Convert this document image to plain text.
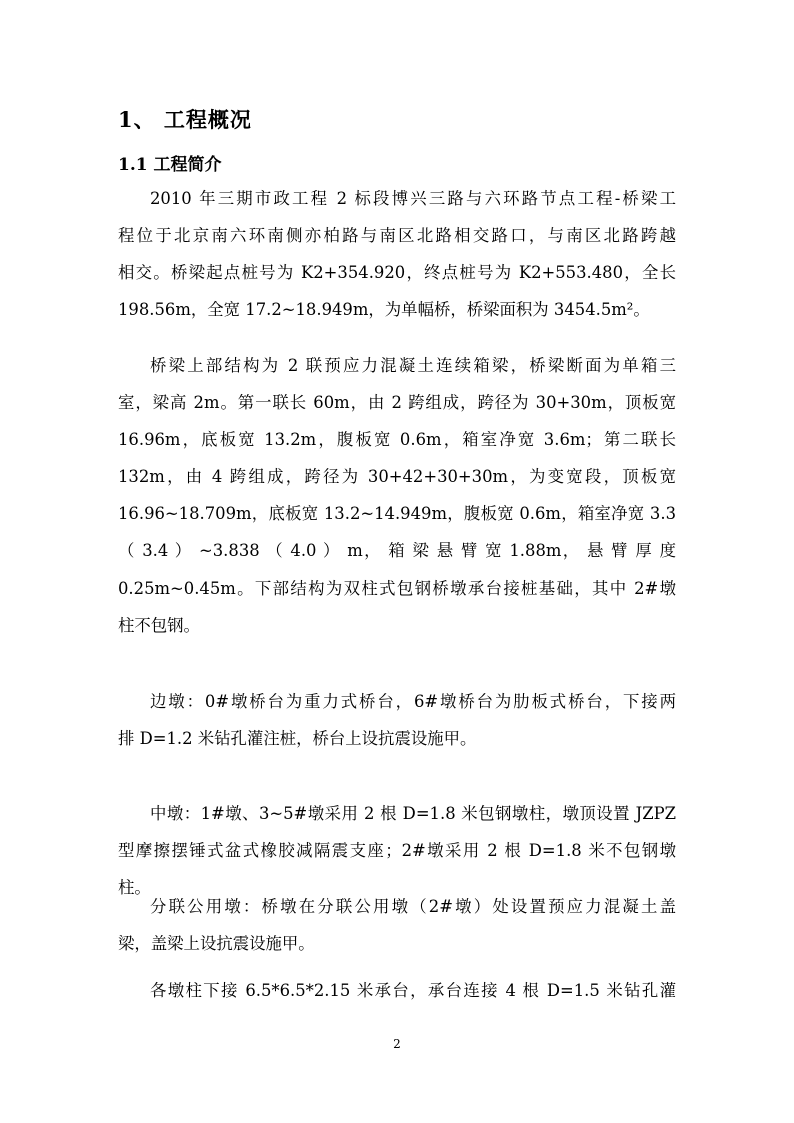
1、 工程概况
1.1 工程简介
2010 年三期市政工程 2 标段博兴三路与六环路节点工程-桥梁工
程位于北京南六环南侧亦柏路与南区北路相交路口，与南区北路跨越
相交。桥梁起点桩号为 K2+354.920，终点桩号为 K2+553.480，全长
198.56m，全宽 17.2~18.949m，为单幅桥，桥梁面积为 3454.5m²。
桥梁上部结构为 2 联预应力混凝土连续箱梁，桥梁断面为单箱三
室，梁高 2m。第一联长 60m，由 2 跨组成，跨径为 30+30m，顶板宽
16.96m，底板宽 13.2m，腹板宽 0.6m，箱室净宽 3.6m；第二联长
132m，由 4 跨组成，跨径为 30+42+30+30m，为变宽段，顶板宽
16.96~18.709m，底板宽 13.2~14.949m，腹板宽 0.6m，箱室净宽 3.3
（ 3.4 ） ~3.838 （ 4.0 ） m， 箱 梁 悬 臂 宽 1.88m， 悬 臂 厚 度
0.25m~0.45m。下部结构为双柱式包钢桥墩承台接桩基础，其中 2#墩
柱不包钢。
边墩：0#墩桥台为重力式桥台，6#墩桥台为肋板式桥台，下接两
排 D=1.2 米钻孔灌注桩，桥台上设抗震设施甲。
中墩：1#墩、3~5#墩采用 2 根 D=1.8 米包钢墩柱，墩顶设置 JZPZ
型摩擦摆锤式盆式橡胶减隔震支座；2#墩采用 2 根 D=1.8 米不包钢墩
柱。
分联公用墩：桥墩在分联公用墩（2#墩）处设置预应力混凝土盖
梁，盖梁上设抗震设施甲。
各墩柱下接 6.5*6.5*2.15 米承台，承台连接 4 根 D=1.5 米钻孔灌
2
